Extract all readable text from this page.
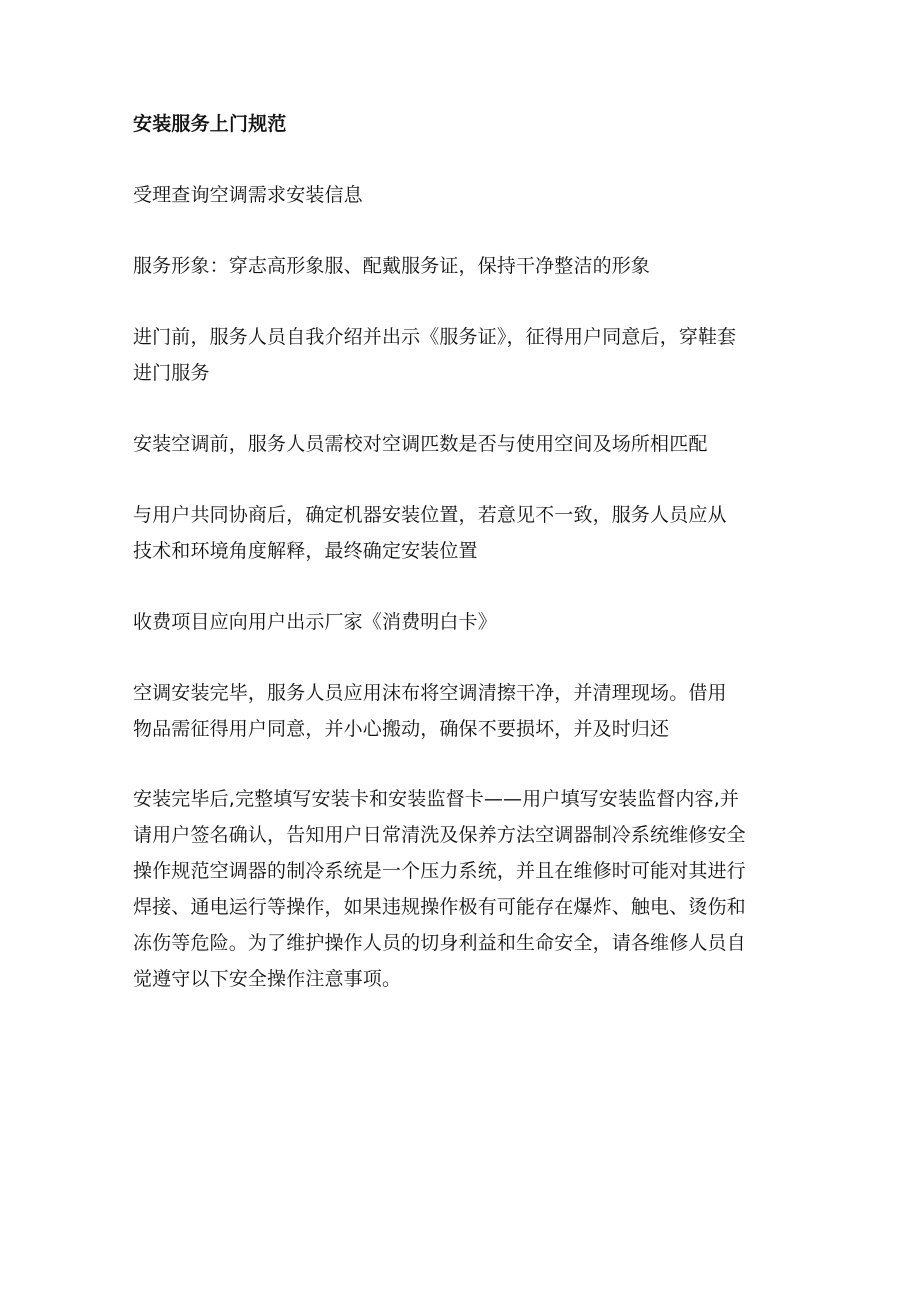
安装服务上门规范

受理查询空调需求安装信息

服务形象：穿志高形象服、配戴服务证，保持干净整洁的形象

进门前，服务人员自我介绍并出示《服务证》，征得用户同意后，穿鞋套
进门服务

安装空调前，服务人员需校对空调匹数是否与使用空间及场所相匹配

与用户共同协商后，确定机器安装位置，若意见不一致，服务人员应从
技术和环境角度解释，最终确定安装位置

收费项目应向用户出示厂家《消费明白卡》

空调安装完毕，服务人员应用沫布将空调清擦干净，并清理现场。借用
物品需征得用户同意，并小心搬动，确保不要损坏，并及时归还

安装完毕后,完整填写安装卡和安装监督卡——用户填写安装监督内容,并
请用户签名确认，告知用户日常清洗及保养方法空调器制冷系统维修安全
操作规范空调器的制冷系统是一个压力系统，并且在维修时可能对其进行
焊接、通电运行等操作，如果违规操作极有可能存在爆炸、触电、烫伤和
冻伤等危险。为了维护操作人员的切身利益和生命安全，请各维修人员自
觉遵守以下安全操作注意事项。
